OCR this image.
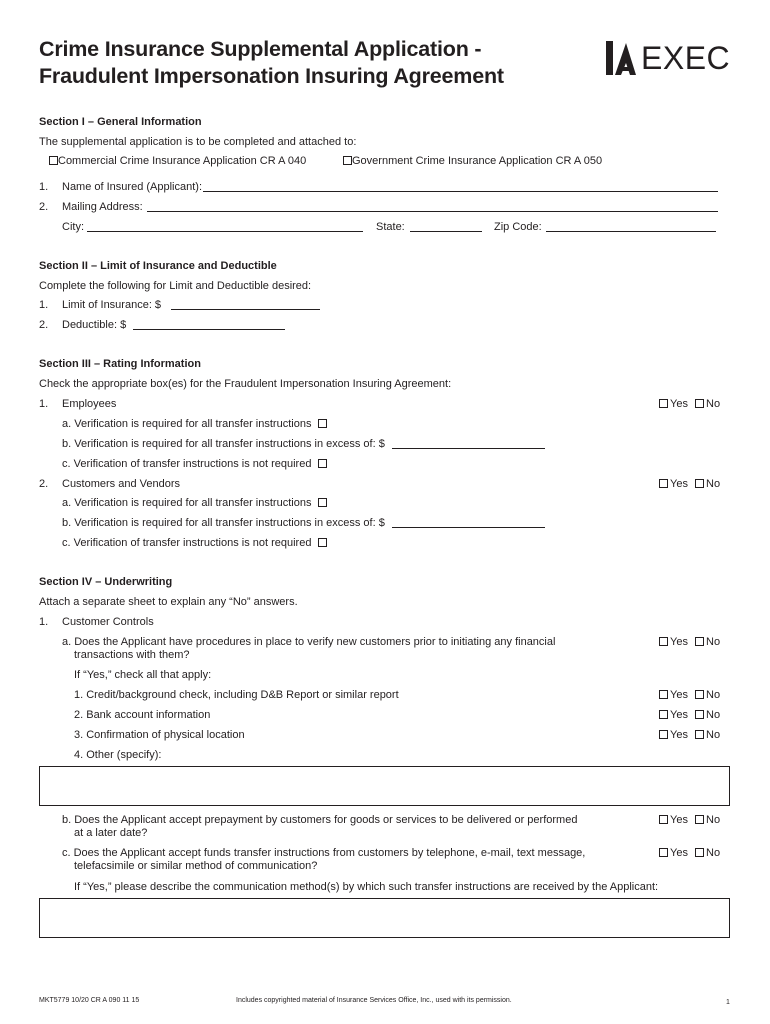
Crime Insurance Supplemental Application -
Fraudulent Impersonation Insuring Agreement	EXEC
Section I – General Information
The supplemental application is to be completed and attached to:
Commercial Crime Insurance Application CR A 040	Government Crime Insurance Application CR A 050
1. Name of Insured (Applicant):
2. Mailing Address:
City:	State:	Zip Code:
Section II – Limit of Insurance and Deductible
Complete the following for Limit and Deductible desired:
1. Limit of Insurance: $
2. Deductible: $
Section III – Rating Information
Check the appropriate box(es) for the Fraudulent Impersonation Insuring Agreement:
1. Employees	Yes No
a. Verification is required for all transfer instructions
b. Verification is required for all transfer instructions in excess of: $
c. Verification of transfer instructions is not required
2. Customers and Vendors	Yes No
a. Verification is required for all transfer instructions
b. Verification is required for all transfer instructions in excess of: $
c. Verification of transfer instructions is not required
Section IV – Underwriting
Attach a separate sheet to explain any “No” answers.
1. Customer Controls
a. Does the Applicant have procedures in place to verify new customers prior to initiating any financial
transactions with them?
Yes No
If “Yes,” check all that apply:
1. Credit/background check, including D&B Report or similar report	Yes No
2. Bank account information	Yes No
3. Confirmation of physical location	Yes No
4. Other (specify):
b. Does the Applicant accept prepayment by customers for goods or services to be delivered or performed
at a later date?
Yes No
c. Does the Applicant accept funds transfer instructions from customers by telephone, e-mail, text message,
telefacsimile or similar method of communication?
Yes No
If “Yes,” please describe the communication method(s) by which such transfer instructions are received by the Applicant:
MKT5779 10/20 CR A 090 11 15	Includes copyrighted material of Insurance Services Office, Inc., used with its permission.	1
